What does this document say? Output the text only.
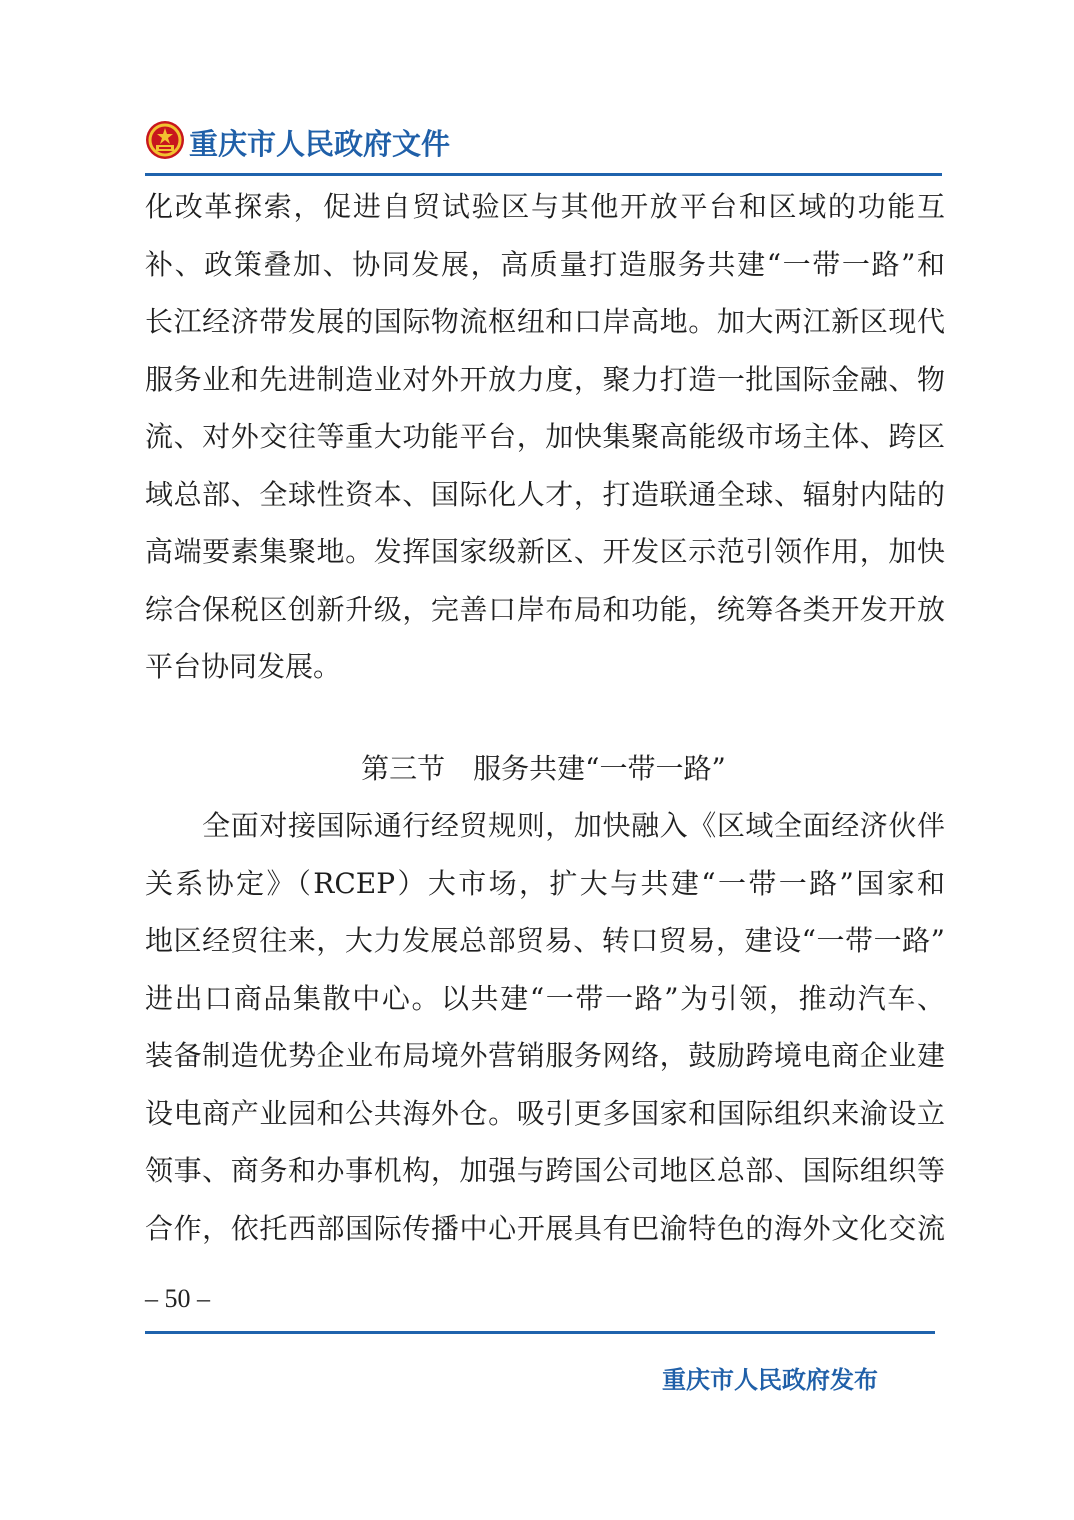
重庆市人民政府文件
化改革探索，促进自贸试验区与其他开放平台和区域的功能互
补、政策叠加、协同发展，高质量打造服务共建“一带一路”和
长江经济带发展的国际物流枢纽和口岸高地。加大两江新区现代
服务业和先进制造业对外开放力度，聚力打造一批国际金融、物
流、对外交往等重大功能平台，加快集聚高能级市场主体、跨区
域总部、全球性资本、国际化人才，打造联通全球、辐射内陆的
高端要素集聚地。发挥国家级新区、开发区示范引领作用，加快
综合保税区创新升级，完善口岸布局和功能，统筹各类开发开放
平台协同发展。
第三节　服务共建“一带一路”
　　全面对接国际通行经贸规则，加快融入《区域全面经济伙伴
关系协定》（RCEP）大市场，扩大与共建“一带一路”国家和
地区经贸往来，大力发展总部贸易、转口贸易，建设“一带一路”
进出口商品集散中心。以共建“一带一路”为引领，推动汽车、
装备制造优势企业布局境外营销服务网络，鼓励跨境电商企业建
设电商产业园和公共海外仓。吸引更多国家和国际组织来渝设立
领事、商务和办事机构，加强与跨国公司地区总部、国际组织等
合作，依托西部国际传播中心开展具有巴渝特色的海外文化交流
– 50 –
重庆市人民政府发布
